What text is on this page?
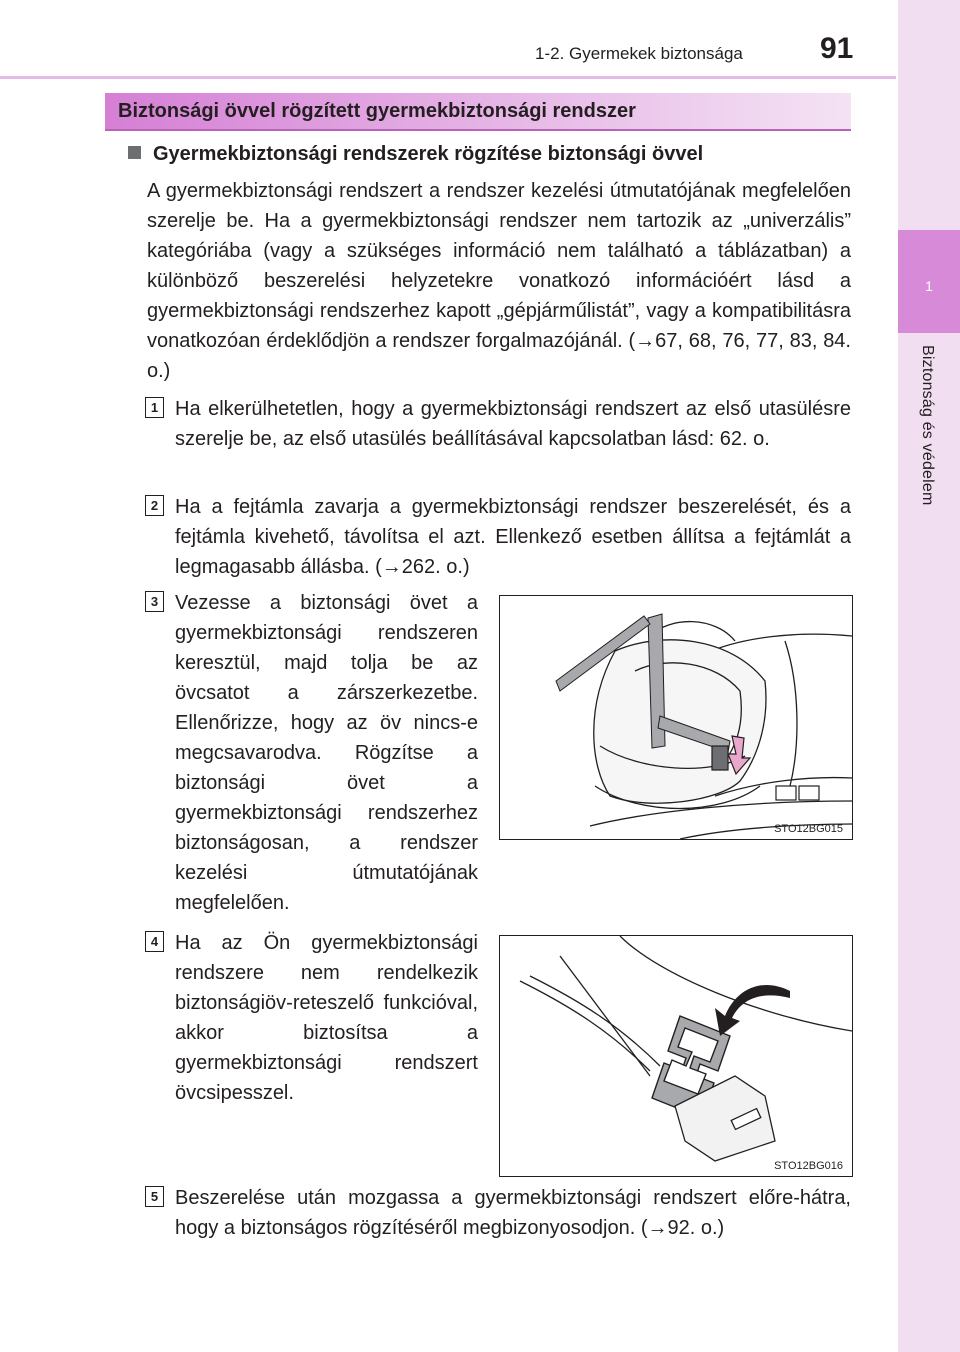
1-2. Gyermekek biztonsága	91
1
Biztonság és védelem
Biztonsági övvel rögzített gyermekbiztonsági rendszer
Gyermekbiztonsági rendszerek rögzítése biztonsági övvel
A gyermekbiztonsági rendszert a rendszer kezelési útmutatójának megfelelően szerelje be. Ha a gyermekbiztonsági rendszer nem tartozik az „univerzális” kategóriába (vagy a szükséges információ nem található a táblázatban) a különböző beszerelési helyzetekre vonatkozó információért lásd a gyermekbiztonsági rendszerhez kapott „gépjárműlistát”, vagy a kompatibilitásra vonatkozóan érdeklődjön a rendszer forgalmazójánál. (→67, 68, 76, 77, 83, 84. o.)
1 Ha elkerülhetetlen, hogy a gyermekbiztonsági rendszert az első utasülésre szerelje be, az első utasülés beállításával kapcsolatban lásd: 62. o.
2 Ha a fejtámla zavarja a gyermekbiztonsági rendszer beszerelését, és a fejtámla kivehető, távolítsa el azt. Ellenkező esetben állítsa a fejtámlát a legmagasabb állásba. (→262. o.)
3 Vezesse a biztonsági övet a gyermekbiztonsági rendszeren keresztül, majd tolja be az övcsatot a zárszerkezetbe. Ellenőrizze, hogy az öv nincs-e megcsavarodva. Rögzítse a biztonsági övet a gyermekbiztonsági rendszerhez biztonságosan, a rendszer kezelési útmutatójának megfelelően.
STO12BG015
4 Ha az Ön gyermekbiztonsági rendszere nem rendelkezik biztonságiöv-reteszelő funkcióval, akkor biztosítsa a gyermekbiztonsági rendszert övcsipesszel.
STO12BG016
5 Beszerelése után mozgassa a gyermekbiztonsági rendszert előre-hátra, hogy a biztonságos rögzítéséről megbizonyosodjon. (→92. o.)
